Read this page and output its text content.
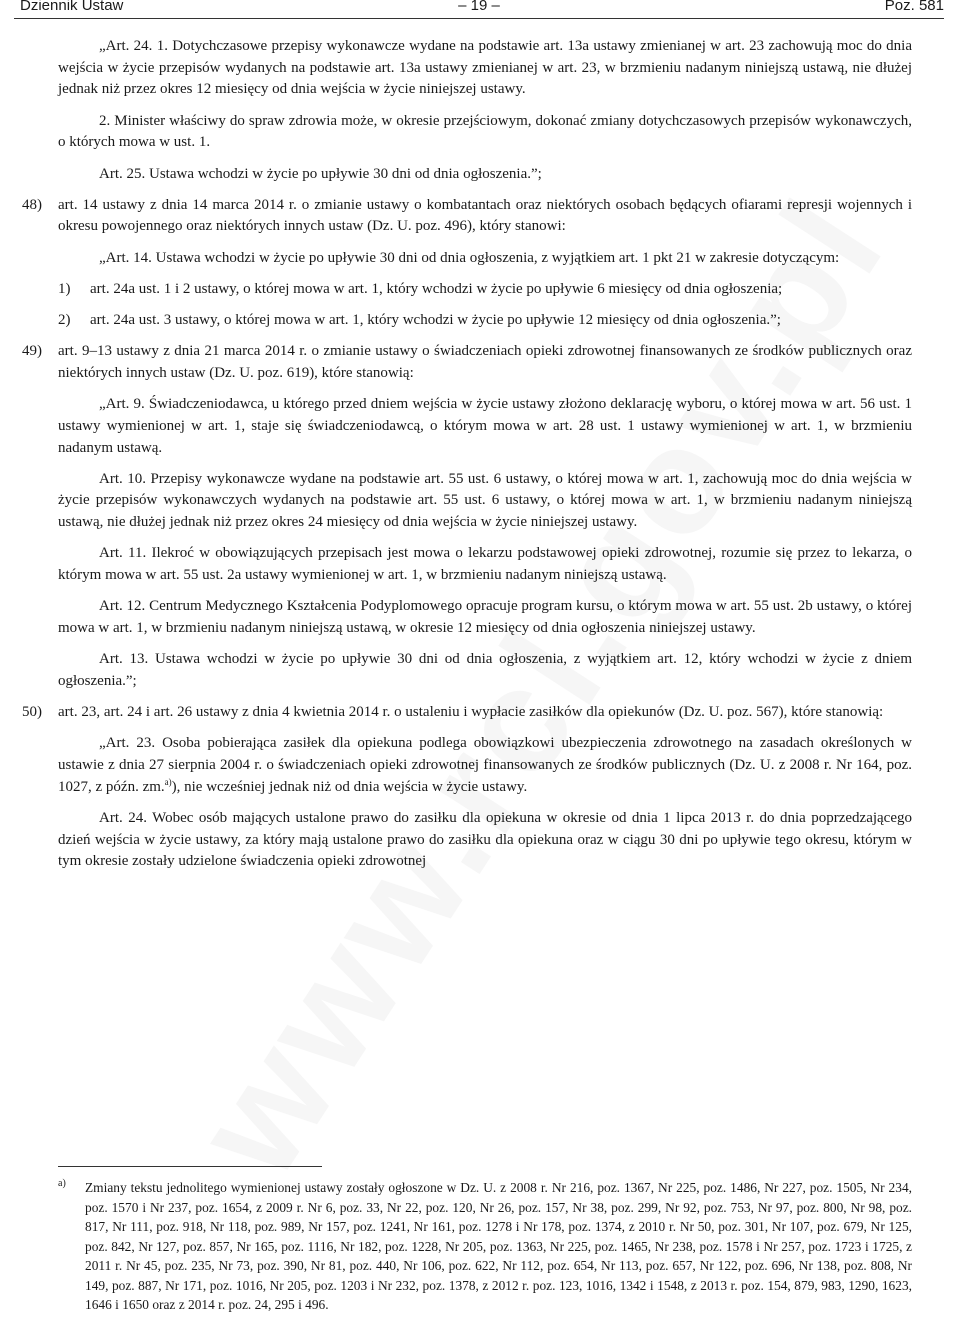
Dziennik Ustaw	– 19 –	Poz. 581

„Art. 24. 1. Dotychczasowe przepisy wykonawcze wydane na podstawie art. 13a ustawy zmienianej w art. 23 zachowują moc do dnia wejścia w życie przepisów wydanych na podstawie art. 13a ustawy zmienianej w art. 23, w brzmieniu nadanym niniejszą ustawą, nie dłużej jednak niż przez okres 12 miesięcy od dnia wejścia w życie niniejszej ustawy.

2. Minister właściwy do spraw zdrowia może, w okresie przejściowym, dokonać zmiany dotychczasowych przepisów wykonawczych, o których mowa w ust. 1.

Art. 25. Ustawa wchodzi w życie po upływie 30 dni od dnia ogłoszenia.”;

48) art. 14 ustawy z dnia 14 marca 2014 r. o zmianie ustawy o kombatantach oraz niektórych osobach będących ofiarami represji wojennych i okresu powojennego oraz niektórych innych ustaw (Dz. U. poz. 496), który stanowi:

„Art. 14. Ustawa wchodzi w życie po upływie 30 dni od dnia ogłoszenia, z wyjątkiem art. 1 pkt 21 w zakresie dotyczącym:

1) art. 24a ust. 1 i 2 ustawy, o której mowa w art. 1, który wchodzi w życie po upływie 6 miesięcy od dnia ogłoszenia;

2) art. 24a ust. 3 ustawy, o której mowa w art. 1, który wchodzi w życie po upływie 12 miesięcy od dnia ogłoszenia.”;

49) art. 9–13 ustawy z dnia 21 marca 2014 r. o zmianie ustawy o świadczeniach opieki zdrowotnej finansowanych ze środków publicznych oraz niektórych innych ustaw (Dz. U. poz. 619), które stanowią:

„Art. 9. Świadczeniodawca, u którego przed dniem wejścia w życie ustawy złożono deklarację wyboru, o której mowa w art. 56 ust. 1 ustawy wymienionej w art. 1, staje się świadczeniodawcą, o którym mowa w art. 28 ust. 1 ustawy wymienionej w art. 1, w brzmieniu nadanym ustawą.

Art. 10. Przepisy wykonawcze wydane na podstawie art. 55 ust. 6 ustawy, o której mowa w art. 1, zachowują moc do dnia wejścia w życie przepisów wykonawczych wydanych na podstawie art. 55 ust. 6 ustawy, o której mowa w art. 1, w brzmieniu nadanym niniejszą ustawą, nie dłużej jednak niż przez okres 24 miesięcy od dnia wejścia w życie niniejszej ustawy.

Art. 11. Ilekroć w obowiązujących przepisach jest mowa o lekarzu podstawowej opieki zdrowotnej, rozumie się przez to lekarza, o którym mowa w art. 55 ust. 2a ustawy wymienionej w art. 1, w brzmieniu nadanym niniejszą ustawą.

Art. 12. Centrum Medycznego Kształcenia Podyplomowego opracuje program kursu, o którym mowa w art. 55 ust. 2b ustawy, o której mowa w art. 1, w brzmieniu nadanym niniejszą ustawą, w okresie 12 miesięcy od dnia ogłoszenia niniejszej ustawy.

Art. 13. Ustawa wchodzi w życie po upływie 30 dni od dnia ogłoszenia, z wyjątkiem art. 12, który wchodzi w życie z dniem ogłoszenia.”;

50) art. 23, art. 24 i art. 26 ustawy z dnia 4 kwietnia 2014 r. o ustaleniu i wypłacie zasiłków dla opiekunów (Dz. U. poz. 567), które stanowią:

„Art. 23. Osoba pobierająca zasiłek dla opiekuna podlega obowiązkowi ubezpieczenia zdrowotnego na zasadach określonych w ustawie z dnia 27 sierpnia 2004 r. o świadczeniach opieki zdrowotnej finansowanych ze środków publicznych (Dz. U. z 2008 r. Nr 164, poz. 1027, z późn. zm.$^{a)}$), nie wcześniej jednak niż od dnia wejścia w życie ustawy.

Art. 24. Wobec osób mających ustalone prawo do zasiłku dla opiekuna w okresie od dnia 1 lipca 2013 r. do dnia poprzedzającego dzień wejścia w życie ustawy, za który mają ustalone prawo do zasiłku dla opiekuna oraz w ciągu 30 dni po upływie tego okresu, którym w tym okresie zostały udzielone świadczenia opieki zdrowotnej

a)	Zmiany tekstu jednolitego wymienionej ustawy zostały ogłoszone w Dz. U. z 2008 r. Nr 216, poz. 1367, Nr 225, poz. 1486, Nr 227, poz. 1505, Nr 234, poz. 1570 i Nr 237, poz. 1654, z 2009 r. Nr 6, poz. 33, Nr 22, poz. 120, Nr 26, poz. 157, Nr 38, poz. 299, Nr 92, poz. 753, Nr 97, poz. 800, Nr 98, poz. 817, Nr 111, poz. 918, Nr 118, poz. 989, Nr 157, poz. 1241, Nr 161, poz. 1278 i Nr 178, poz. 1374, z 2010 r. Nr 50, poz. 301, Nr 107, poz. 679, Nr 125, poz. 842, Nr 127, poz. 857, Nr 165, poz. 1116, Nr 182, poz. 1228, Nr 205, poz. 1363, Nr 225, poz. 1465, Nr 238, poz. 1578 i Nr 257, poz. 1723 i 1725, z 2011 r. Nr 45, poz. 235, Nr 73, poz. 390, Nr 81, poz. 440, Nr 106, poz. 622, Nr 112, poz. 654, Nr 113, poz. 657, Nr 122, poz. 696, Nr 138, poz. 808, Nr 149, poz. 887, Nr 171, poz. 1016, Nr 205, poz. 1203 i Nr 232, poz. 1378, z 2012 r. poz. 123, 1016, 1342 i 1548, z 2013 r. poz. 154, 879, 983, 1290, 1623, 1646 i 1650 oraz z 2014 r. poz. 24, 295 i 496.
